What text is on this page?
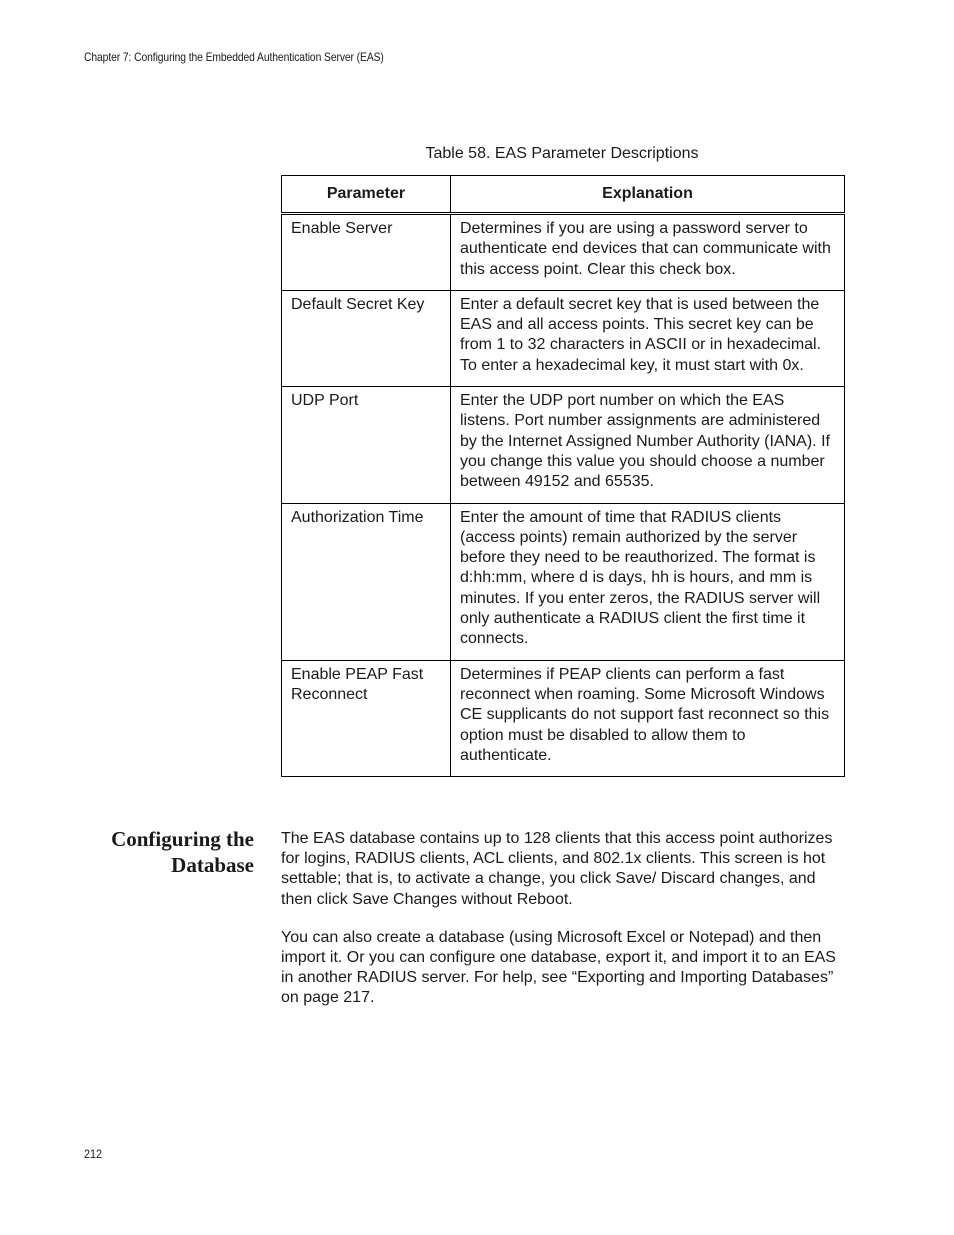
Chapter 7: Configuring the Embedded Authentication Server (EAS)
Table 58. EAS Parameter Descriptions
Parameter	Explanation
Enable Server	Determines if you are using a password server to authenticate end devices that can communicate with this access point. Clear this check box.
Default Secret Key	Enter a default secret key that is used between the EAS and all access points. This secret key can be from 1 to 32 characters in ASCII or in hexadecimal. To enter a hexadecimal key, it must start with 0x.
UDP Port	Enter the UDP port number on which the EAS listens. Port number assignments are administered by the Internet Assigned Number Authority (IANA). If you change this value you should choose a number between 49152 and 65535.
Authorization Time	Enter the amount of time that RADIUS clients (access points) remain authorized by the server before they need to be reauthorized. The format is d:hh:mm, where d is days, hh is hours, and mm is minutes. If you enter zeros, the RADIUS server will only authenticate a RADIUS client the first time it connects.
Enable PEAP Fast Reconnect	Determines if PEAP clients can perform a fast reconnect when roaming. Some Microsoft Windows CE supplicants do not support fast reconnect so this option must be disabled to allow them to authenticate.
Configuring the
Database

The EAS database contains up to 128 clients that this access point authorizes for logins, RADIUS clients, ACL clients, and 802.1x clients. This screen is hot settable; that is, to activate a change, you click Save/ Discard changes, and then click Save Changes without Reboot.

You can also create a database (using Microsoft Excel or Notepad) and then import it. Or you can configure one database, export it, and import it to an EAS in another RADIUS server. For help, see “Exporting and Importing Databases” on page 217.

212
